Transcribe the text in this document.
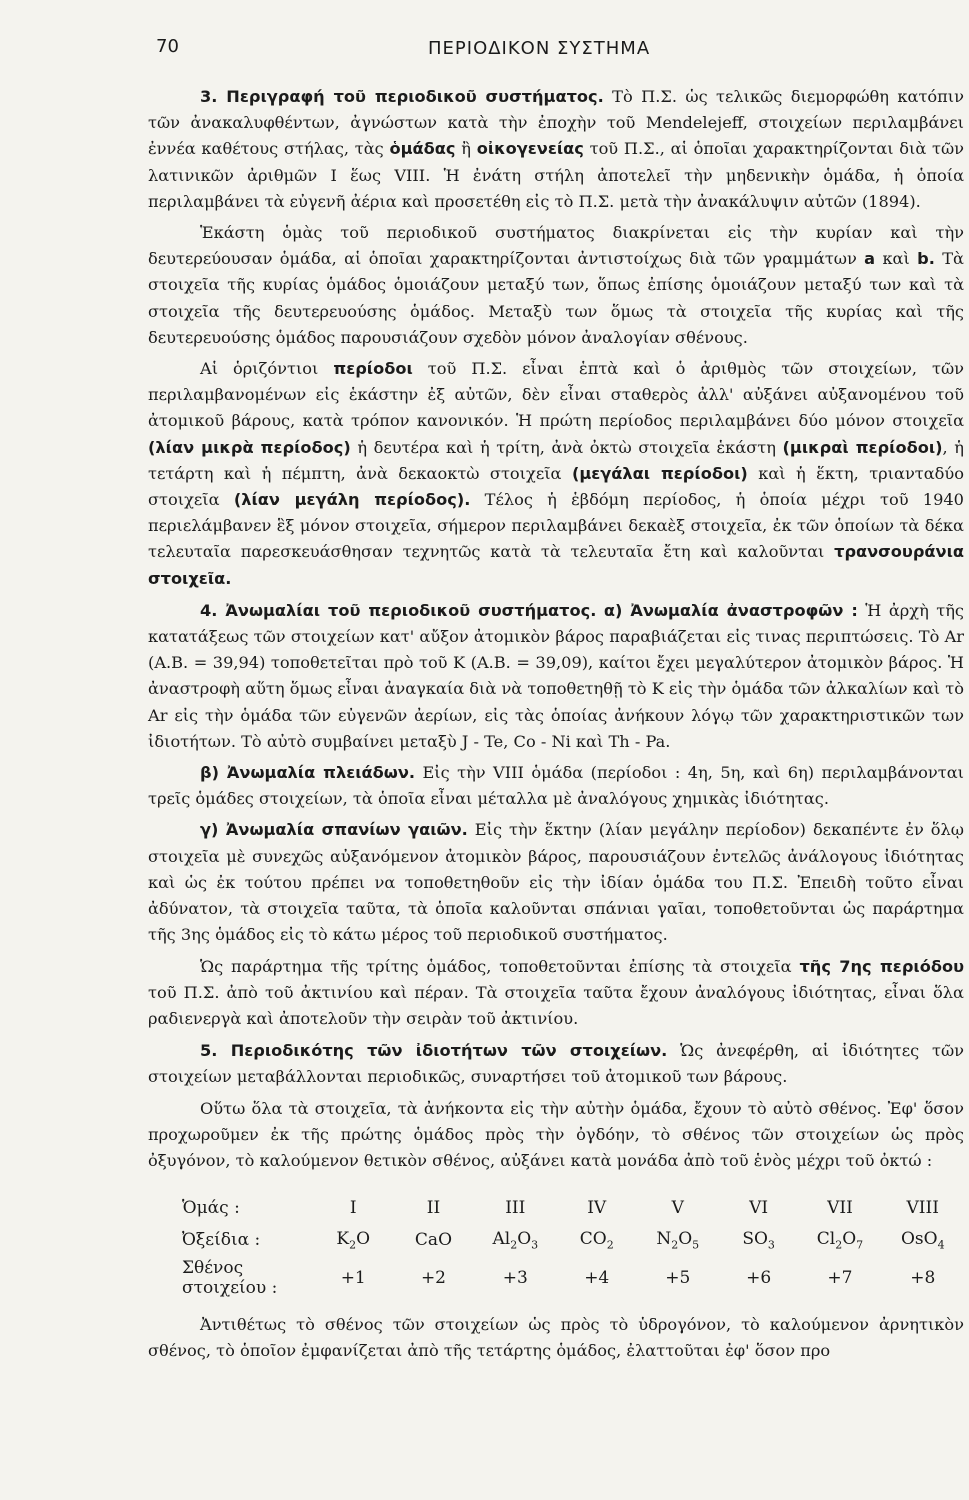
70	ΠΕΡΙΟΔΙΚΟΝ ΣΥΣΤΗΜΑ

3. Περιγραφή τοῦ περιοδικοῦ συστήματος. Τὸ Π.Σ. ὡς τελικῶς διεμορφώθη κατόπιν τῶν ἀνακαλυφθέντων, ἀγνώστων κατὰ τὴν ἐποχὴν τοῦ Mendelejeff, στοιχείων περιλαμβάνει ἐννέα καθέτους στήλας, τὰς ὁμάδας ἢ οἰκογενείας τοῦ Π.Σ., αἱ ὁποῖαι χαρακτηρίζονται διὰ τῶν λατινικῶν ἀριθμῶν I ἕως VIII. Ἡ ἐνάτη στήλη ἀποτελεῖ τὴν μηδενικὴν ὁμάδα, ἡ ὁποία περιλαμβάνει τὰ εὐγενῆ ἀέρια καὶ προσετέθη εἰς τὸ Π.Σ. μετὰ τὴν ἀνακάλυψιν αὐτῶν (1894).

Ἑκάστη ὁμὰς τοῦ περιοδικοῦ συστήματος διακρίνεται εἰς τὴν κυρίαν καὶ τὴν δευτερεύουσαν ὁμάδα, αἱ ὁποῖαι χαρακτηρίζονται ἀντιστοίχως διὰ τῶν γραμμάτων a καὶ b. Τὰ στοιχεῖα τῆς κυρίας ὁμάδος ὁμοιάζουν μεταξύ των, ὅπως ἐπίσης ὁμοιάζουν μεταξύ των καὶ τὰ στοιχεῖα τῆς δευτερευούσης ὁμάδος. Μεταξὺ των ὅμως τὰ στοιχεῖα τῆς κυρίας καὶ τῆς δευτερευούσης ὁμάδος παρουσιάζουν σχεδὸν μόνον ἀναλογίαν σθένους.

Αἱ ὁριζόντιοι περίοδοι τοῦ Π.Σ. εἶναι ἑπτὰ καὶ ὁ ἀριθμὸς τῶν στοιχείων, τῶν περιλαμβανομένων εἰς ἑκάστην ἐξ αὐτῶν, δὲν εἶναι σταθερὸς ἀλλ' αὐξάνει αὐξανομένου τοῦ ἀτομικοῦ βάρους, κατὰ τρόπον κανονικόν. Ἡ πρώτη περίοδος περιλαμβάνει δύο μόνον στοιχεῖα (λίαν μικρὰ περίοδος) ἡ δευτέρα καὶ ἡ τρίτη, ἀνὰ ὀκτὼ στοιχεῖα ἑκάστη (μικραὶ περίοδοι), ἡ τετάρτη καὶ ἡ πέμπτη, ἀνὰ δεκαοκτὼ στοιχεῖα (μεγάλαι περίοδοι) καὶ ἡ ἕκτη, τριανταδύο στοιχεῖα (λίαν μεγάλη περίοδος). Τέλος ἡ ἑβδόμη περίοδος, ἡ ὁποία μέχρι τοῦ 1940 περιελάμβανεν ἓξ μόνον στοιχεῖα, σήμερον περιλαμβάνει δεκαὲξ στοιχεῖα, ἐκ τῶν ὁποίων τὰ δέκα τελευταῖα παρεσκευάσθησαν τεχνητῶς κατὰ τὰ τελευταῖα ἔτη καὶ καλοῦνται τρανσουράνια στοιχεῖα.

4. Ἀνωμαλίαι τοῦ περιοδικοῦ συστήματος. α) Ἀνωμαλία ἀναστροφῶν : Ἡ ἀρχὴ τῆς κατατάξεως τῶν στοιχείων κατ' αὔξον ἀτομικὸν βάρος παραβιάζεται εἰς τινας περιπτώσεις. Τὸ Ar (A.B. = 39,94) τοποθετεῖται πρὸ τοῦ K (A.B. = 39,09), καίτοι ἔχει μεγαλύτερον ἀτομικὸν βάρος. Ἡ ἀναστροφὴ αὕτη ὅμως εἶναι ἀναγκαία διὰ νὰ τοποθετηθῇ τὸ K εἰς τὴν ὁμάδα τῶν ἀλκαλίων καὶ τὸ Ar εἰς τὴν ὁμάδα τῶν εὐγενῶν ἀερίων, εἰς τὰς ὁποίας ἀνήκουν λόγῳ τῶν χαρακτηριστικῶν των ἰδιοτήτων. Τὸ αὐτὸ συμβαίνει μεταξὺ J - Te, Co - Ni καὶ Th - Pa.

β) Ἀνωμαλία πλειάδων. Εἰς τὴν VIII ὁμάδα (περίοδοι : 4η, 5η, καὶ 6η) περιλαμβάνονται τρεῖς ὁμάδες στοιχείων, τὰ ὁποῖα εἶναι μέταλλα μὲ ἀναλόγους χημικὰς ἰδιότητας.

γ) Ἀνωμαλία σπανίων γαιῶν. Εἰς τὴν ἕκτην (λίαν μεγάλην περίοδον) δεκαπέντε ἐν ὅλῳ στοιχεῖα μὲ συνεχῶς αὐξανόμενον ἀτομικὸν βάρος, παρουσιάζουν ἐντελῶς ἀνάλογους ἰδιότητας καὶ ὡς ἐκ τούτου πρέπει να τοποθετηθοῦν εἰς τὴν ἰδίαν ὁμάδα του Π.Σ. Ἐπειδὴ τοῦτο εἶναι ἀδύνατον, τὰ στοιχεῖα ταῦτα, τὰ ὁποῖα καλοῦνται σπάνιαι γαῖαι, τοποθετοῦνται ὡς παράρτημα τῆς 3ης ὁμάδος εἰς τὸ κάτω μέρος τοῦ περιοδικοῦ συστήματος.

Ὡς παράρτημα τῆς τρίτης ὁμάδος, τοποθετοῦνται ἐπίσης τὰ στοιχεῖα τῆς 7ης περιόδου τοῦ Π.Σ. ἀπὸ τοῦ ἀκτινίου καὶ πέραν. Τὰ στοιχεῖα ταῦτα ἔχουν ἀναλόγους ἰδιότητας, εἶναι ὅλα ραδιενεργὰ καὶ ἀποτελοῦν τὴν σειρὰν τοῦ ἀκτινίου.

5. Περιοδικότης τῶν ἰδιοτήτων τῶν στοιχείων. Ὡς ἀνεφέρθη, αἱ ἰδιότητες τῶν στοιχείων μεταβάλλονται περιοδικῶς, συναρτήσει τοῦ ἀτομικοῦ των βάρους.

Οὕτω ὅλα τὰ στοιχεῖα, τὰ ἀνήκοντα εἰς τὴν αὐτὴν ὁμάδα, ἔχουν τὸ αὐτὸ σθένος. Ἐφ' ὅσον προχωροῦμεν ἐκ τῆς πρώτης ὁμάδος πρὸς τὴν ὀγδόην, τὸ σθένος τῶν στοιχείων ὡς πρὸς ὀξυγόνον, τὸ καλούμενον θετικὸν σθένος, αὐξάνει κατὰ μονάδα ἀπὸ τοῦ ἑνὸς μέχρι τοῦ ὀκτώ :

Ὁμάς :	I	II	III	IV	V	VI	VII	VIII
Ὀξείδια :	$K_2O$	CaO	$Al_2O_3$	$CO_2$	$N_2O_5$	$SO_3$	$Cl_2O_7$	OsO$_4$
Σθένος στοιχείου :	+1	+2	+3	+4	+5	+6	+7	+8

Ἀντιθέτως τὸ σθένος τῶν στοιχείων ὡς πρὸς τὸ ὑδρογόνον, τὸ καλούμενον ἀρνητικὸν σθένος, τὸ ὁποῖον ἐμφανίζεται ἀπὸ τῆς τετάρτης ὁμάδος, ἐλαττοῦται ἐφ' ὅσον προ
